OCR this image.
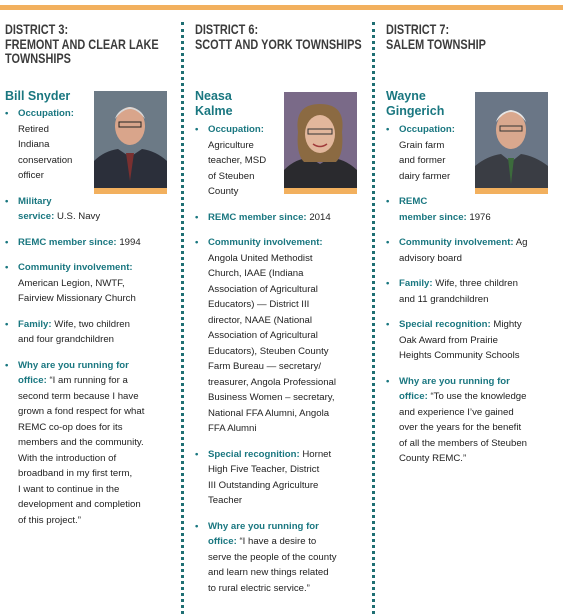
DISTRICT 3:
FREMONT AND CLEAR LAKE
TOWNSHIPS
Bill Snyder
• Occupation:
Retired
Indiana
conservation
officer
• Military
service: U.S. Navy
• REMC member since: 1994
• Community involvement:
American Legion, NWTF,
Fairview Missionary Church
• Family: Wife, two children
and four grandchildren
• Why are you running for
office: “I am running for a
second term because I have
grown a fond respect for what
REMC co-op does for its
members and the community.
With the introduction of
broadband in my first term,
I want to continue in the
development and completion
of this project.”
DISTRICT 6:
SCOTT AND YORK TOWNSHIPS
Neasa
Kalme
• Occupation:
Agriculture
teacher, MSD
of Steuben
County
• REMC member since: 2014
• Community involvement:
Angola United Methodist
Church, IAAE (Indiana
Association of Agricultural
Educators) — District III
director, NAAE (National
Association of Agricultural
Educators), Steuben County
Farm Bureau — secretary/
treasurer, Angola Professional
Business Women – secretary,
National FFA Alumni, Angola
FFA Alumni
• Special recognition: Hornet
High Five Teacher, District
III Outstanding Agriculture
Teacher
• Why are you running for
office: “I have a desire to
serve the people of the county
and learn new things related
to rural electric service.”
DISTRICT 7:
SALEM TOWNSHIP
Wayne
Gingerich
• Occupation:
Grain farm
and former
dairy farmer
• REMC
member since: 1976
• Community involvement: Ag
advisory board
• Family: Wife, three children
and 11 grandchildren
• Special recognition: Mighty
Oak Award from Prairie
Heights Community Schools
• Why are you running for
office: “To use the knowledge
and experience I’ve gained
over the years for the benefit
of all the members of Steuben
County REMC.”
